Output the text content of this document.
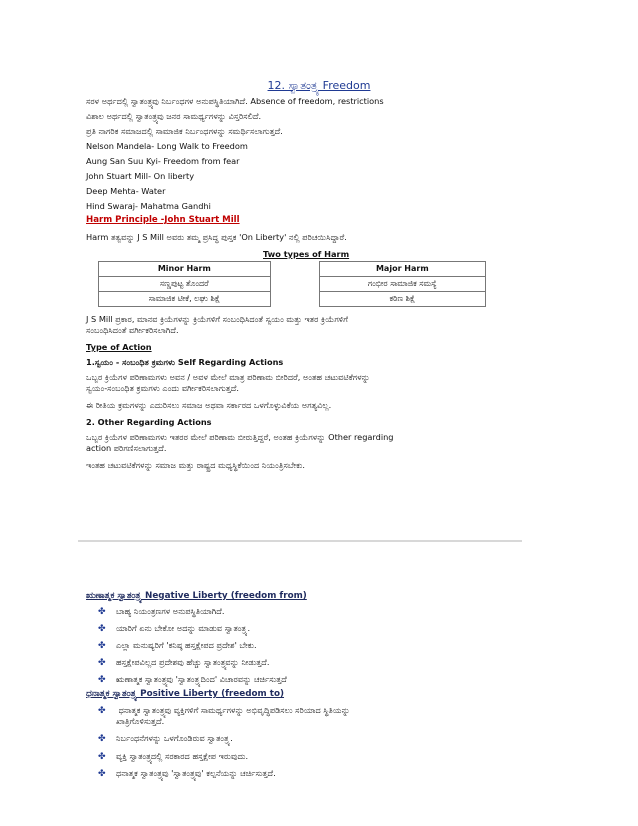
12. ಸ್ವಾತಂತ್ರ್ಯ Freedom
ಸರಳ ಅರ್ಥದಲ್ಲಿ ಸ್ವಾತಂತ್ರ್ಯವು ನಿರ್ಬಂಧಗಳ ಅನುಪಸ್ಥಿತಿಯಾಗಿದೆ. Absence of freedom, restrictions
ವಿಶಾಲ ಅರ್ಥದಲ್ಲಿ ಸ್ವಾತಂತ್ರ್ಯವು ಜನರ ಸಾಮರ್ಥ್ಯಗಳನ್ನು ವಿಸ್ತರಿಸಲಿದೆ.
ಪ್ರತಿ ನಾಗರಿಕ ಸಮಾಜದಲ್ಲಿ ಸಾಮಾಜಿಕ ನಿರ್ಬಂಧಗಳನ್ನು ಸಮರ್ಥಿಸಲಾಗುತ್ತದೆ.
Nelson Mandela- Long Walk to Freedom
Aung San Suu Kyi- Freedom from fear
John Stuart Mill- On liberty
Deep Mehta- Water
Hind Swaraj- Mahatma Gandhi
Harm Principle -John Stuart Mill
Harm ತತ್ವವನ್ನು J S Mill ಅವರು ತಮ್ಮ ಪ್ರಸಿದ್ಧ ಪುಸ್ತಕ 'On Liberty' ನಲ್ಲಿ ಪರಿಚಯಿಸಿದ್ದಾರೆ.
Two types of Harm
Minor Harm		Major Harm
ಸಣ್ಣಪುಟ್ಟ ತೊಂದರೆ		ಗಂಭೀರ ಸಾಮಾಜಿಕ ಸಮಸ್ಯೆ
ಸಾಮಾಜಿಕ ಟೀಕೆ, ಲಘು ಶಿಕ್ಷೆ		ಕಠಿಣ ಶಿಕ್ಷೆ
J S Mill ಪ್ರಕಾರ, ಮಾನವ ಕ್ರಿಯೆಗಳನ್ನು ಕ್ರಿಯೆಗಳಿಗೆ ಸಂಬಂಧಿಸಿದಂತೆ ಸ್ವಯಂ ಮತ್ತು ಇತರ ಕ್ರಿಯೆಗಳಿಗೆ
ಸಂಬಂಧಿಸಿದಂತೆ ವರ್ಗೀಕರಿಸಲಾಗಿದೆ.
Type of Action
1.ಸ್ವಯಂ - ಸಂಬಂಧಿತ ಕ್ರಮಗಳು Self Regarding Actions
ಒಬ್ಬರ ಕ್ರಿಯೆಗಳ ಪರಿಣಾಮಗಳು ಅವನ / ಅವಳ ಮೇಲೆ ಮಾತ್ರ ಪರಿಣಾಮ ಬೀರಿದರೆ, ಅಂತಹ ಚಟುವಟಿಕೆಗಳನ್ನು
ಸ್ವಯಂ-ಸಂಬಂಧಿತ ಕ್ರಮಗಳು ಎಂದು ವರ್ಗೀಕರಿಸಲಾಗುತ್ತದೆ.
ಈ ರೀತಿಯ ಕ್ರಮಗಳನ್ನು ಎದುರಿಸಲು ಸಮಾಜ ಅಥವಾ ಸರ್ಕಾರದ ಒಳಗೊಳ್ಳುವಿಕೆಯ ಅಗತ್ಯವಿಲ್ಲ.
2. Other Regarding Actions
ಒಬ್ಬರ ಕ್ರಿಯೆಗಳ ಪರಿಣಾಮಗಳು ಇತರರ ಮೇಲೆ ಪರಿಣಾಮ ಬೀರುತ್ತಿದ್ದರೆ, ಅಂತಹ ಕ್ರಿಯೆಗಳನ್ನು Other regarding
action ಪರಿಗಣಿಸಲಾಗುತ್ತದೆ.
ಇಂತಹ ಚಟುವಟಿಕೆಗಳನ್ನು ಸಮಾಜ ಮತ್ತು ರಾಷ್ಟ್ರದ ಮಧ್ಯಸ್ಥಿಕೆಯಿಂದ ನಿಯಂತ್ರಿಸಬೇಕು.
ಋಣಾತ್ಮಕ ಸ್ವಾತಂತ್ರ್ಯ Negative Liberty (freedom from)
✤ ಬಾಹ್ಯ ನಿಯಂತ್ರಣಗಳ ಅನುಪಸ್ಥಿತಿಯಾಗಿದೆ.
✤ ಯಾರಿಗೆ ಏನು ಬೇಕೋ ಅದನ್ನು ಮಾಡುವ ಸ್ವಾತಂತ್ರ್ಯ.
✤ ಎಲ್ಲಾ ಮನುಷ್ಯರಿಗೆ 'ಕನಿಷ್ಠ ಹಸ್ತಕ್ಷೇಪದ ಪ್ರದೇಶ' ಬೇಕು.
✤ ಹಸ್ತಕ್ಷೇಪವಿಲ್ಲದ ಪ್ರದೇಶವು ಹೆಚ್ಚು ಸ್ವಾತಂತ್ರ್ಯವನ್ನು ನೀಡುತ್ತದೆ.
✤ ಋಣಾತ್ಮಕ ಸ್ವಾತಂತ್ರ್ಯವು 'ಸ್ವಾತಂತ್ರ್ಯದಿಂದ' ವಿಚಾರವನ್ನು ಚರ್ಚಿಸುತ್ತದೆ
ಧನಾತ್ಮಕ ಸ್ವಾತಂತ್ರ್ಯ Positive Liberty (freedom to)
✤ ಧನಾತ್ಮಕ ಸ್ವಾತಂತ್ರ್ಯವು ವ್ಯಕ್ತಿಗಳಿಗೆ ಸಾಮರ್ಥ್ಯಗಳನ್ನು ಅಭಿವೃದ್ಧಿಪಡಿಸಲು ಸರಿಯಾದ ಸ್ಥಿತಿಯನ್ನು
ಖಾತ್ರಿಗೊಳಿಸುತ್ತದೆ.
✤ ನಿರ್ಬಂಧನೆಗಳನ್ನು ಒಳಗೊಂಡಿರುವ ಸ್ವಾತಂತ್ರ್ಯ.
✤ ವ್ಯಕ್ತಿ ಸ್ವಾತಂತ್ರ್ಯದಲ್ಲಿ ಸರಕಾರದ ಹಸ್ತಕ್ಷೇಪ ಇರುವುದು.
✤ ಧನಾತ್ಮಕ ಸ್ವಾತಂತ್ರ್ಯವು 'ಸ್ವಾತಂತ್ರ್ಯವು' ಕಲ್ಪನೆಯನ್ನು ಚರ್ಚಿಸುತ್ತದೆ.
